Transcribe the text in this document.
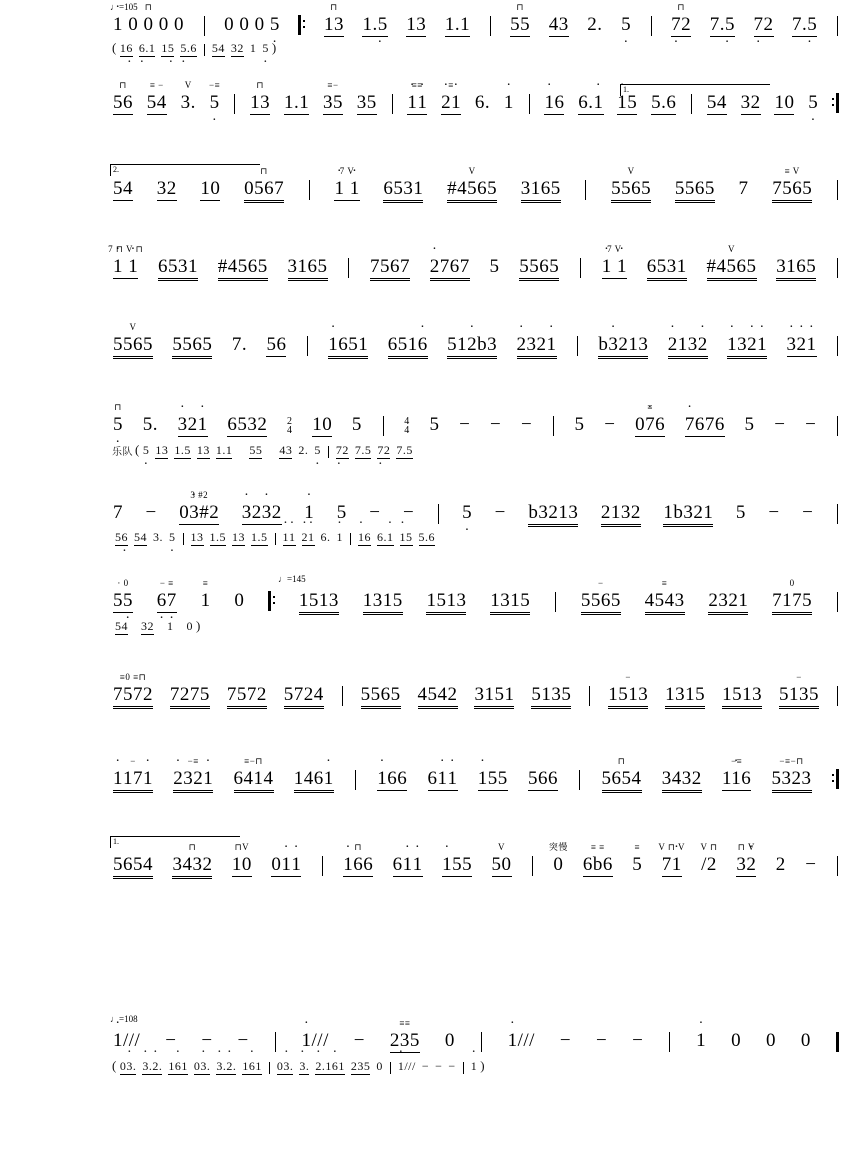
♩=105 ⊓
1 · 0 0 0 0 0 0 0 5 ·
⊓
13 1.5 · 13 1.1
⊓
55 43 2. 5 ·
⊓
7 ·2 7.5 · 7 ·2 7.5 ·
( 16 · 6 ·.1 15 · 5 ·.6 54 32 1 5 · )
⊓
56
≡ −
54
V
3.
−≡
5 ·
⊓
13 1.1
≡−
35 35
≡≡
1 ·1 ·
≡
2 ·1 · 6. 1 · 1 ·6 6.1 · 1 ·5 5.6 54 32 10 5 ·
1.
2.
54 32 10
⊓
0567
7 V
1 · 1 · 6531
V
#4565 3165
V
5565 5565 7
≡ V
7565
7 ⊓ V ⊓
1 · 1 · 6531 #4565 3165 7567 2 ·767 5 5565
7 V
1 · 1 · 6531
V
#4565 3165
V
5565 5565 7. 56 1 ·651 6516 · 512 ·b3 2 ·321 · b3 ·213 2 ·132 · 1 ·32 ·1 · 3 ·2 ·1 ·
⊓
5 · 5. 3 ·21 · 6532 2
4 10 5	4
4 5 − − − 5 −
≡
07 ·6 7 ·676 5 − −
乐队 ( 5 · 13 1.5 13 1.1 55 43 2. 5 · 7 ·2 7.5 7 ·2 7.5
7 −
3 #2
03 ·#2 3 ·23 ·2 1 · 5 − −	5 · − b3213 2132 1b321 5 − −
56 · 54 3. 5 · 13 1.5 13 1.5 1 ·1 · 2 ·1 · 6. 1 · 1 ·6 6.1 · 1 ·5 5.6
♩=145
· 0
55 ·
− ≡
6 ·7 ·
≡
1 0	1513 1315 1513 1315
−
5565
≡
4543 2321
0
7175
54 32 1 0 )
≡0 ≡⊓
7572 7275 7572 5724 5565 4542 3151 5135
−
1513 1315 1513
−
5135
−
1 ·171 ·
−≡
2 ·321 ·
≡−⊓
6414 1461 · 1 ·66 61 ·1 · 1 ·55 566
⊓
5654 3432
−≡
11 ·6
−≡−⊓
5323
1.
5654
⊓
3432
⊓V
10 01 ·1 ·
⊓
1 ·66 61 ·1 · 1 ·55
V
50
突慢
0
≡ ≡
6b6
≡
5
V ⊓ V
71 ·
V ⊓
/2
⊓ V
32 · 2 −
♩=108
1 ·/// − − −	1 ·/// −
≡≡
235 0	1 ·/// − − −	1 · 0 0 0
( 03 ·. 3 ·.2 ·. 16 ·1 03 ·. 3 ·.2 ·. 16 ·1 03 ·. 3 ·. 2 ·.16 ·1 235 0 1 ·/// − − − 1 · )
